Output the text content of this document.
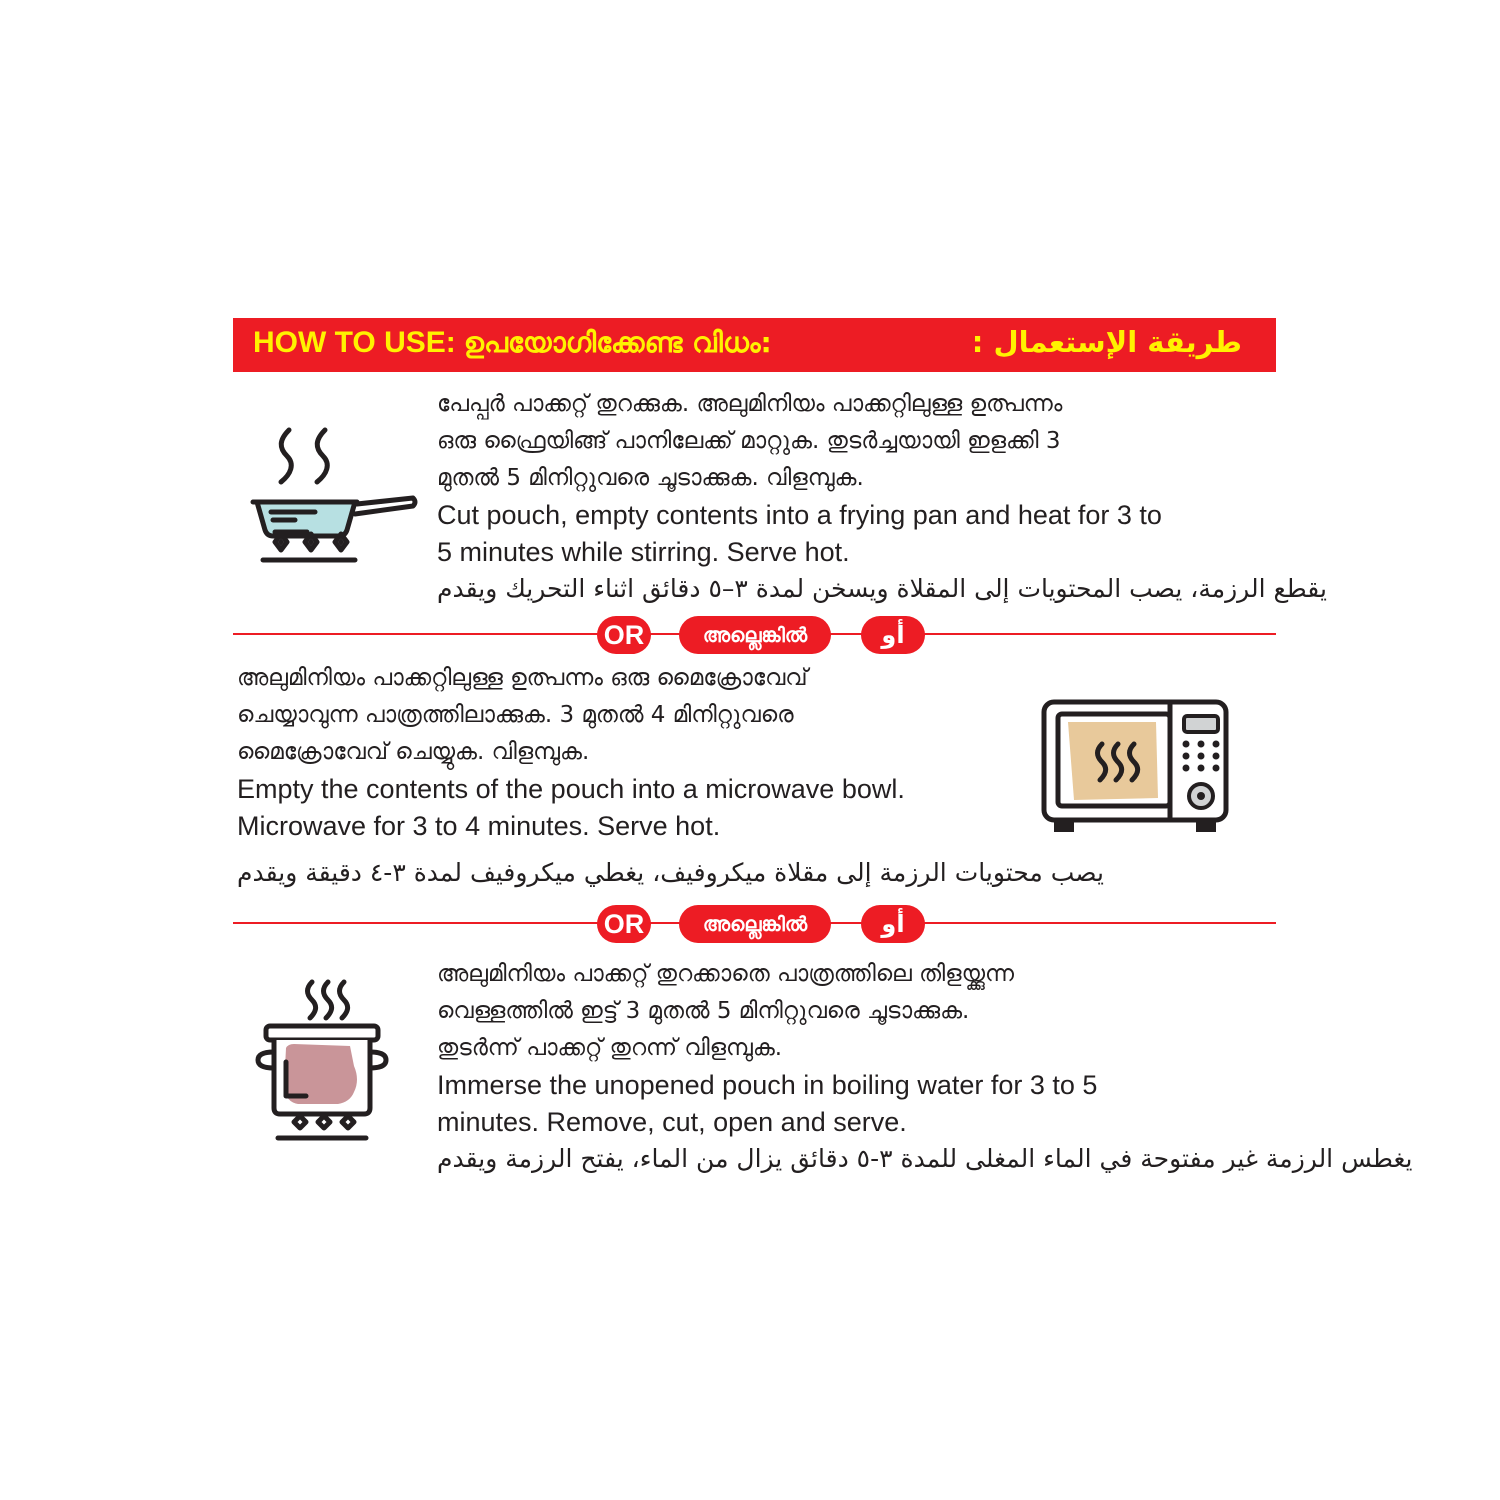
HOW TO USE: ഉപയോഗിക്കേണ്ട വിധം:	طريقة الإستعمال :
പേപ്പർ പാക്കറ്റ് തുറക്കുക. അലുമിനിയം പാക്കറ്റിലുള്ള ഉത്പന്നം
ഒരു ഫ്രൈയിങ്ങ് പാനിലേക്ക് മാറ്റുക. തുടർച്ചയായി ഇളക്കി 3
മുതൽ 5 മിനിറ്റുവരെ ചൂടാക്കുക. വിളമ്പുക.
Cut pouch, empty contents into a frying pan and heat for 3 to
5 minutes while stirring. Serve hot.
يقطع الرزمة، يصب المحتويات إلى المقلاة ويسخن لمدة ٣–٥ دقائق اثناء التحريك ويقدم
OR	അല്ലെങ്കിൽ	أو
അലുമിനിയം പാക്കറ്റിലുള്ള ഉത്പന്നം ഒരു മൈക്രോവേവ്
ചെയ്യാവുന്ന പാത്രത്തിലാക്കുക. 3 മുതൽ 4 മിനിറ്റുവരെ
മൈക്രോവേവ് ചെയ്യുക. വിളമ്പുക.
Empty the contents of the pouch into a microwave bowl.
Microwave for 3 to 4 minutes. Serve hot.
يصب محتويات الرزمة إلى مقلاة ميكروفيف، يغطي ميكروفيف لمدة ٣-٤ دقيقة ويقدم
OR	അല്ലെങ്കിൽ	أو
അലുമിനിയം പാക്കറ്റ് തുറക്കാതെ പാത്രത്തിലെ തിളയ്ക്കുന്ന
വെള്ളത്തിൽ ഇട്ട് 3 മുതൽ 5 മിനിറ്റുവരെ ചൂടാക്കുക.
തുടർന്ന് പാക്കറ്റ് തുറന്ന് വിളമ്പുക.
Immerse the unopened pouch in boiling water for 3 to 5
minutes. Remove, cut, open and serve.
يغطس الرزمة غير مفتوحة في الماء المغلى للمدة ٣-٥ دقائق يزال من الماء، يفتح الرزمة ويقدم
